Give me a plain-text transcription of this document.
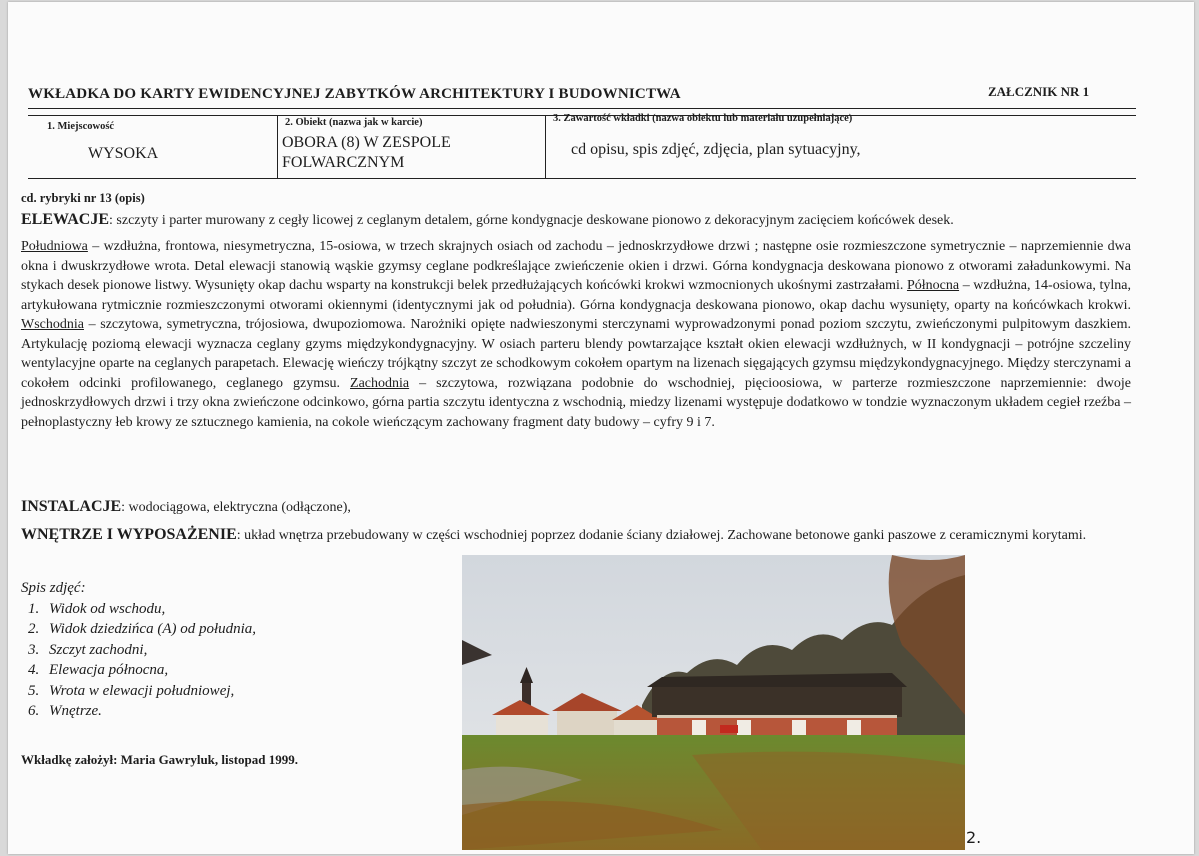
WKŁADKA DO KARTY EWIDENCYJNEJ ZABYTKÓW ARCHITEKTURY I BUDOWNICTWA	ZAŁCZNIK NR 1
1. Miejscowość
WYSOKA
2. Obiekt (nazwa jak w karcie)
OBORA (8) W ZESPOLE
FOLWARCZNYM
3. Zawartość wkładki (nazwa obiektu lub materiału uzupełniające)
cd opisu, spis zdjęć, zdjęcia, plan sytuacyjny,
cd. rybryki nr 13 (opis)
ELEWACJE: szczyty i parter murowany z cegły licowej z ceglanym detalem, górne kondygnacje deskowane pionowo z dekoracyjnym zacięciem końcówek desek.
Południowa – wzdłużna, frontowa, niesymetryczna, 15-osiowa, w trzech skrajnych osiach od zachodu – jednoskrzydłowe drzwi ; następne osie rozmieszczone symetrycznie – naprzemiennie dwa okna i dwuskrzydłowe wrota. Detal elewacji stanowią wąskie gzymsy ceglane podkreślające zwieńczenie okien i drzwi. Górna kondygnacja deskowana pionowo z otworami załadunkowymi. Na stykach desek pionowe listwy. Wysunięty okap dachu wsparty na konstrukcji belek przedłużających końcówki krokwi wzmocnionych ukośnymi zastrzałami. Północna – wzdłużna, 14-osiowa, tylna, artykułowana rytmicznie rozmieszczonymi otworami okiennymi (identycznymi jak od południa). Górna kondygnacja deskowana pionowo, okap dachu wysunięty, oparty na końcówkach krokwi. Wschodnia – szczytowa, symetryczna, trójosiowa, dwupoziomowa. Narożniki opięte nadwieszonymi sterczynami wyprowadzonymi ponad poziom szczytu, zwieńczonymi pulpitowym daszkiem. Artykulację poziomą elewacji wyznacza ceglany gzyms międzykondygnacyjny. W osiach parteru blendy powtarzające kształt okien elewacji wzdłużnych, w II kondygnacji – potrójne szczeliny wentylacyjne oparte na ceglanych parapetach. Elewację wieńczy trójkątny szczyt ze schodkowym cokołem opartym na lizenach sięgających gzymsu międzykondygnacyjnego. Między sterczynami a cokołem odcinki profilowanego, ceglanego gzymsu. Zachodnia – szczytowa, rozwiązana podobnie do wschodniej, pięcioosiowa, w parterze rozmieszczone naprzemiennie: dwoje jednoskrzydłowych drzwi i trzy okna zwieńczone odcinkowo, górna partia szczytu identyczna z wschodnią, miedzy lizenami występuje dodatkowo w tondzie wyznaczonym układem cegieł rzeźba – pełnoplastyczny łeb krowy ze sztucznego kamienia, na cokole wieńczącym zachowany fragment daty budowy – cyfry 9 i 7.
INSTALACJE: wodociągowa, elektryczna (odłączone),
WNĘTRZE I WYPOSAŻENIE: układ wnętrza przebudowany w części wschodniej poprzez dodanie ściany działowej. Zachowane betonowe ganki paszowe z ceramicznymi korytami.
Spis zdjęć:
1. Widok od wschodu,
2. Widok dziedzińca (A) od południa,
3. Szczyt zachodni,
4. Elewacja północna,
5. Wrota w elewacji południowej,
6. Wnętrze.
Wkładkę założył: Maria Gawryluk, listopad 1999.
2.
